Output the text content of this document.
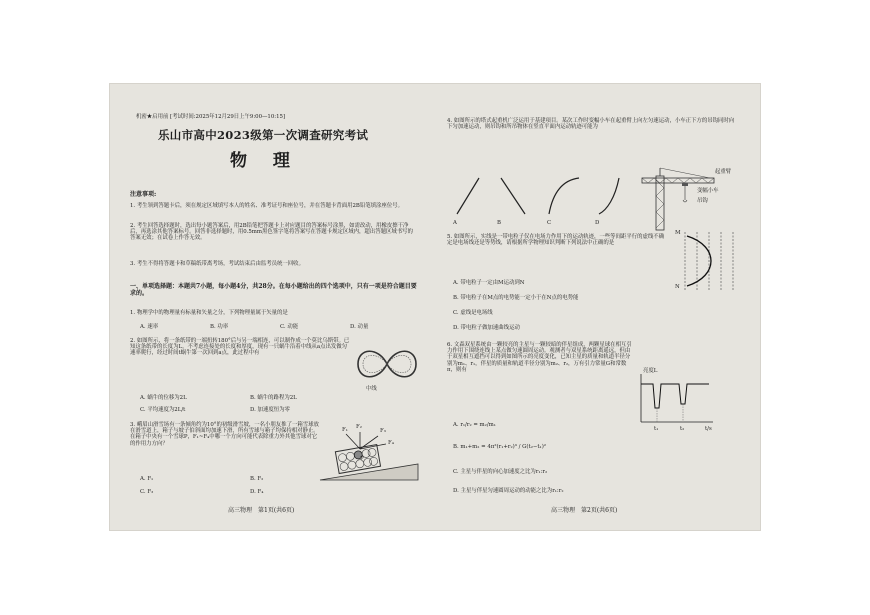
机密★启用前 [考试时间:2025年12月29日上午9:00—10:15]
乐山市高中2023级第一次调查研究考试
物 理
注意事项:
1. 考生领到答题卡后，须在规定区域填写本人的姓名、准考证号和座位号，并在答题卡背面用2B铅笔填涂座位号。
2. 考生回答选择题时，选出每小题答案后，用2B铅笔把答题卡上对应题目的答案标号涂黑，如需改动，用橡皮擦干净后，再选涂其他答案标号。回答非选择题时，用0.5mm黑色签字笔将答案写在答题卡规定区域内，超出答题区域书写的答案无效；在试卷上作答无效。
3. 考生不得将答题卡和草稿纸带离考场，考试结束后由监考员统一回收。
一、单项选择题：本题共7小题，每小题4分，共28分。在每小题给出的四个选项中，只有一项是符合题目要求的。
1. 物理学中的物理量有标量和矢量之分，下列物理量属于矢量的是
A. 速率	B. 功率	C. 动能	D. 动量
2. 如图所示，将一条纸带的一端扭转180°后与另一端相连，可以制作成一个莫比乌斯带。已知这条纸带的长度为L，不考虑连接处的长度和厚度，现有一只蜗牛沿着中线从a点出发做匀速率爬行，经过时间t蜗牛第一次回到a点，此过程中有
中线
A. 蜗牛的位移为2L	B. 蜗牛的路程为2L
C. 平均速度为2L/t	D. 加速度恒为零
3. 峨眉山滑雪场有一条倾角约为10°的初级滑雪坡，一名小朋友推了一箱雪球放在滑雪道上，箱子与坡子伯斜面均加速下滑，所有雪球与箱子均保持相对静止。在箱子中央有一个雪球P，F₁~F₄中哪一个方向可能代表除重力外其他雪球对它的作用力方向？
F₁ F₂
F₃
F₄
P
A. F₁	B. F₂
C. F₃	D. F₄
高三物理　第1页(共6页)
4. 如图所示的塔式起重机广泛运用于基建项目。某次工作时变幅小车在起重臂上向左匀速运动，小车正下方的吊钩同时向下匀加速运动，则吊钩和所吊物体在竖直平面内运动轨迹可能为
A	B	C	D
起重臂
变幅小车
吊钩
5. 如图所示，实线是一带电粒子仅在电场力作用下的运动轨迹，一些等间距平行的虚线不确定是电场线还是等势线，请根据所学物理知识判断下列说法中正确的是
M
N
A. 带电粒子一定由M运动到N
B. 带电粒子在M点的电势能一定小于在N点的电势能
C. 虚线是电场线
D. 带电粒子做加速曲线运动
6. 文森双星系统由一颗较亮的主星与一颗较暗的伴星组成，两颗星球在相互引力作用下围绕连线上某点做匀速圆周运动。观测者与双星系统距离遥远，但由于双星相互遮挡可以得到如图所示的亮度变化，已知主星的质量和轨道半径分别为m₁、r₁，伴星的质量和轨道半径分别为m₂、r₂，万有引力常量G和常数π，则有	亮度L
t/s
t₁	t₂
A. r₁/r₂ = m₂/m₁
B. m₁+m₂ = 4π²(r₁+r₂)³ / G(t₂−t₁)²
C. 主星与伴星的向心加速度之比为r₁:r₂
D. 主星与伴星匀速圆周运动的动能之比为r₁:r₂
高三物理　第2页(共6页)
